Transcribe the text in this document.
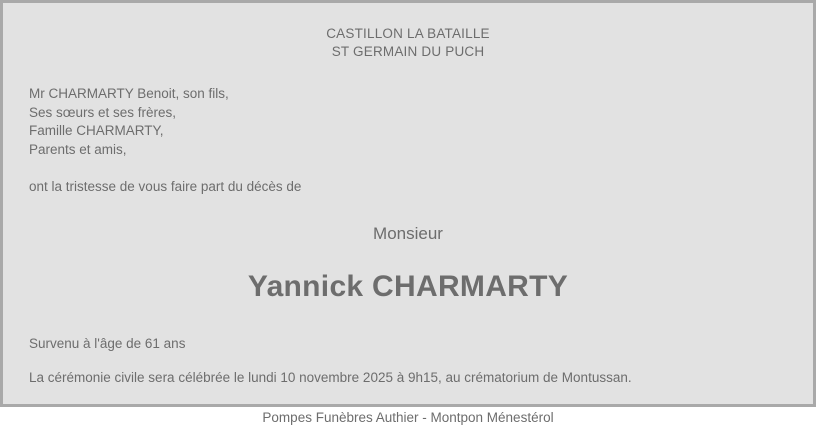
CASTILLON LA BATAILLE
ST GERMAIN DU PUCH
Mr CHARMARTY Benoit, son fils,
Ses sœurs et ses frères,
Famille CHARMARTY,
Parents et amis,
ont la tristesse de vous faire part du décès de
Monsieur
Yannick CHARMARTY
Survenu à l'âge de 61 ans
La cérémonie civile sera célébrée le lundi 10 novembre 2025 à 9h15, au crématorium de Montussan.
Pompes Funèbres Authier - Montpon Ménestérol
